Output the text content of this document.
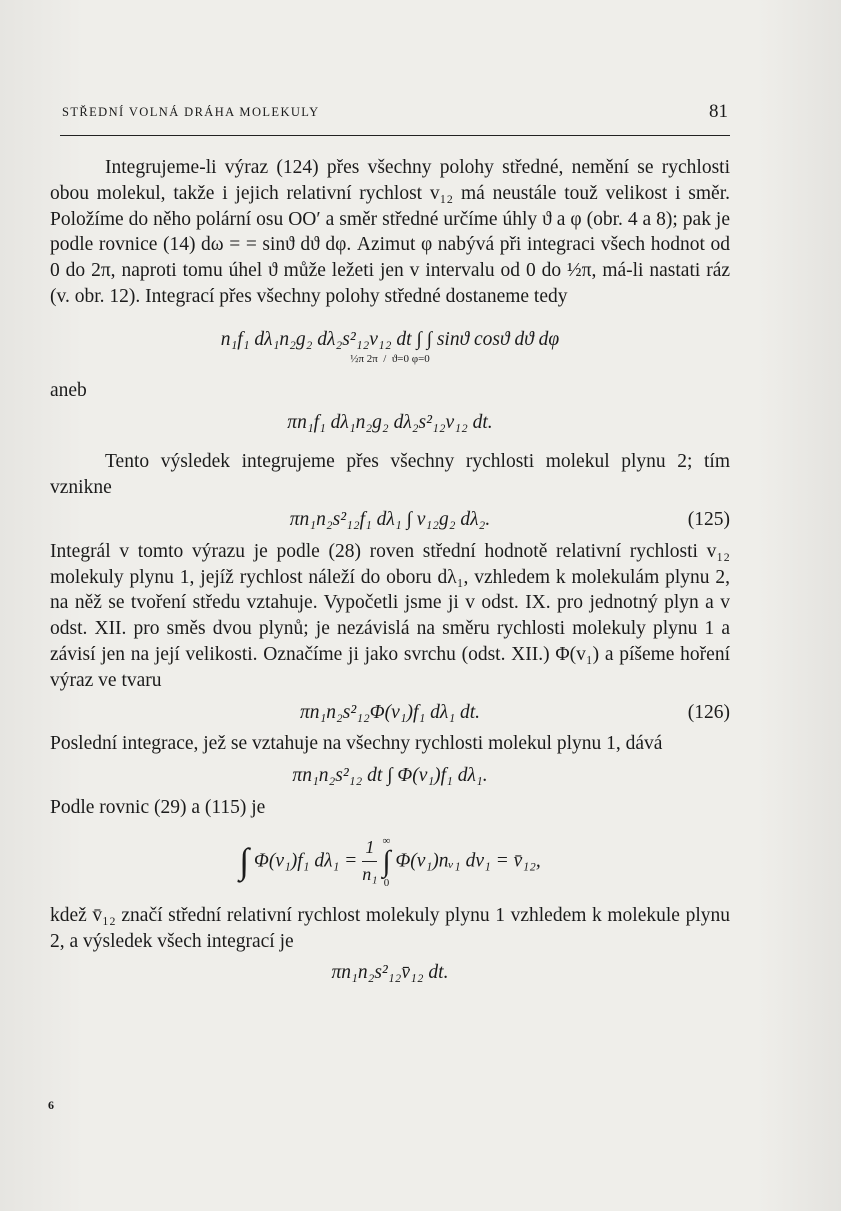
STŘEDNÍ VOLNÁ DRÁHA MOLEKULY	81

Integrujeme-li výraz (124) přes všechny polohy středné, nemění se rychlosti obou molekul, takže i jejich relativní rychlost v₁₂ má neustále touž velikost i směr. Položíme do něho polární osu OO′ a směr středné určíme úhly ϑ a φ (obr. 4 a 8); pak je podle rovnice (14) dω = = sinϑ dϑ dφ. Azimut φ nabývá při integraci všech hodnot od 0 do 2π, naproti tomu úhel ϑ může ležeti jen v intervalu od 0 do ½π, má-li nastati ráz (v. obr. 12). Integrací přes všechny polohy středné dostaneme tedy

n₁f₁ dλ₁n₂g₂ dλ₂s²₁₂v₁₂ dt ∫ ∫ sinϑ cosϑ dϑ dφ
½π 2π  /  ϑ=0 φ=0

aneb

πn₁f₁ dλ₁n₂g₂ dλ₂s²₁₂v₁₂ dt.

Tento výsledek integrujeme přes všechny rychlosti molekul plynu 2; tím vznikne

πn₁n₂s²₁₂f₁ dλ₁ ∫ v₁₂g₂ dλ₂.	(125)

Integrál v tomto výrazu je podle (28) roven střední hodnotě relativní rychlosti v₁₂ molekuly plynu 1, jejíž rychlost náleží do oboru dλ₁, vzhledem k molekulám plynu 2, na něž se tvoření středu vztahuje. Vypočetli jsme ji v odst. IX. pro jednotný plyn a v odst. XII. pro směs dvou plynů; je nezávislá na směru rychlosti molekuly plynu 1 a závisí jen na její velikosti. Označíme ji jako svrchu (odst. XII.) Φ(v₁) a píšeme hoření výraz ve tvaru

πn₁n₂s²₁₂Φ(v₁)f₁ dλ₁ dt.	(126)

Poslední integrace, jež se vztahuje na všechny rychlosti molekul plynu 1, dává

πn₁n₂s²₁₂ dt ∫ Φ(v₁)f₁ dλ₁.

Podle rovnic (29) a (115) je

∫ Φ(v₁)f₁ $d\lambda_1 = \frac{1}{\text{n₁}}$
∞
∫
0
Φ(v₁)nᵥ₁ dv₁ = v̄₁₂,

kdež v̄₁₂ značí střední relativní rychlost molekuly plynu 1 vzhledem k molekule plynu 2, a výsledek všech integrací je

πn₁n₂s²₁₂v̄₁₂ dt.
6
